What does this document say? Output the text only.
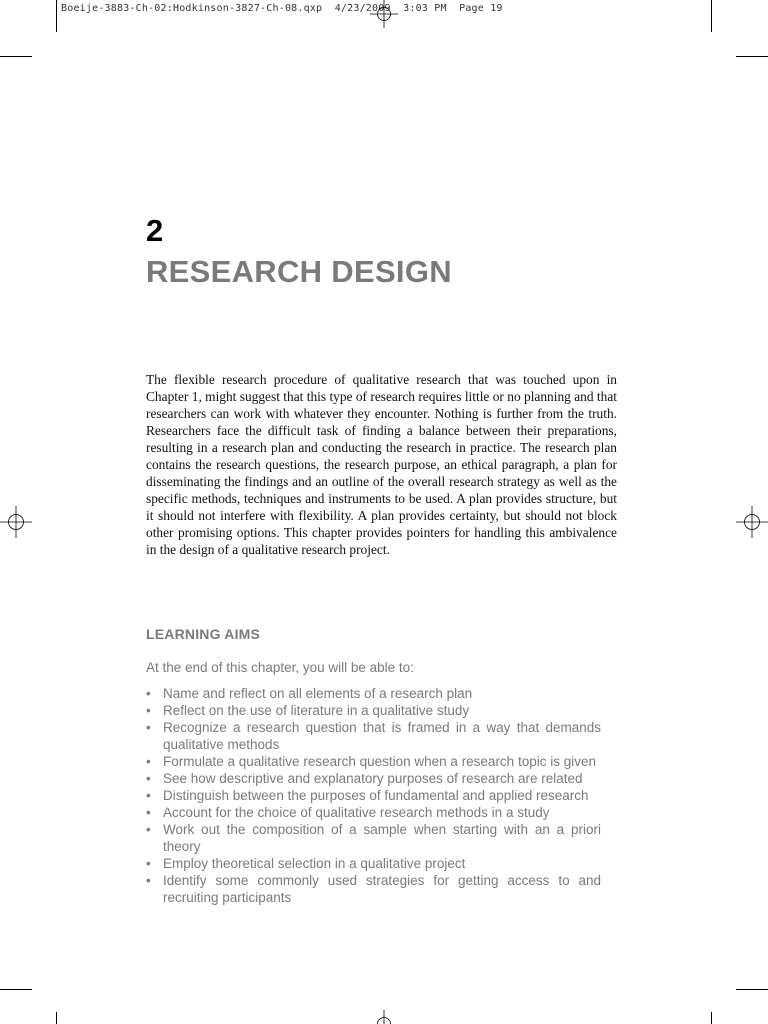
Boeije-3883-Ch-02:Hodkinson-3827-Ch-08.qxp  4/23/2009  3:03 PM  Page 19
2
RESEARCH DESIGN

The flexible research procedure of qualitative research that was touched upon in Chapter 1, might suggest that this type of research requires little or no planning and that researchers can work with whatever they encounter. Nothing is further from the truth. Researchers face the difficult task of finding a balance between their preparations, resulting in a research plan and conducting the research in practice. The research plan contains the research questions, the research purpose, an ethical paragraph, a plan for disseminating the findings and an outline of the overall research strategy as well as the specific methods, techniques and instruments to be used. A plan provides structure, but it should not interfere with flexibility. A plan provides certainty, but should not block other promising options. This chapter provides pointers for handling this ambivalence in the design of a qualitative research project.

LEARNING AIMS
At the end of this chapter, you will be able to:
• Name and reflect on all elements of a research plan
• Reflect on the use of literature in a qualitative study
• Recognize a research question that is framed in a way that demands qualitative methods
• Formulate a qualitative research question when a research topic is given
• See how descriptive and explanatory purposes of research are related
• Distinguish between the purposes of fundamental and applied research
• Account for the choice of qualitative research methods in a study
• Work out the composition of a sample when starting with an a priori theory
• Employ theoretical selection in a qualitative project
• Identify some commonly used strategies for getting access to and recruiting participants
